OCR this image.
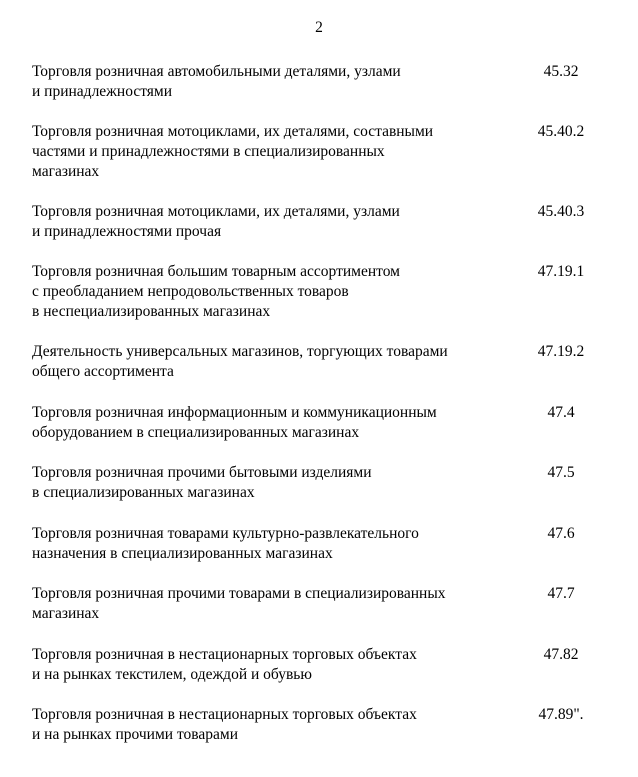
2
Торговля розничная автомобильными деталями, узлами
и принадлежностями
45.32
Торговля розничная мотоциклами, их деталями, составными
частями и принадлежностями в специализированных
магазинах
45.40.2
Торговля розничная мотоциклами, их деталями, узлами
и принадлежностями прочая
45.40.3
Торговля розничная большим товарным ассортиментом
с преобладанием непродовольственных товаров
в неспециализированных магазинах
47.19.1
Деятельность универсальных магазинов, торгующих товарами
общего ассортимента
47.19.2
Торговля розничная информационным и коммуникационным
оборудованием в специализированных магазинах
47.4
Торговля розничная прочими бытовыми изделиями
в специализированных магазинах
47.5
Торговля розничная товарами культурно-развлекательного
назначения в специализированных магазинах
47.6
Торговля розничная прочими товарами в специализированных
магазинах
47.7
Торговля розничная в нестационарных торговых объектах
и на рынках текстилем, одеждой и обувью
47.82
Торговля розничная в нестационарных торговых объектах
и на рынках прочими товарами
47.89".
